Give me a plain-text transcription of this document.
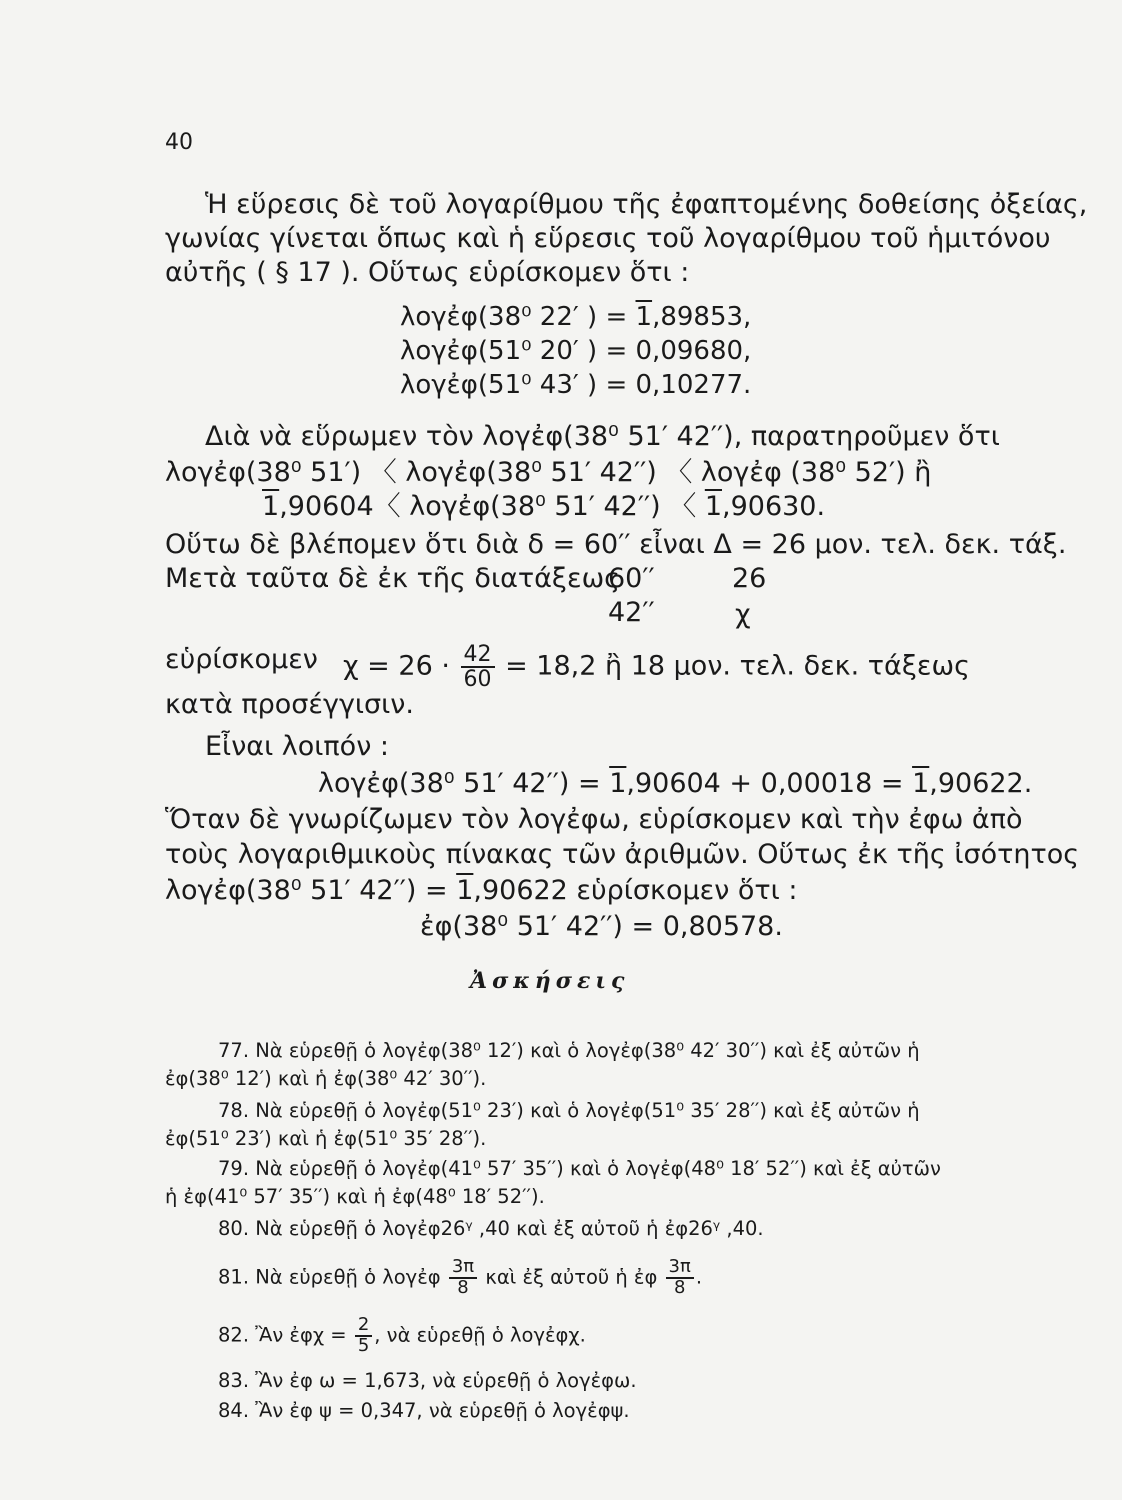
40
Ἡ εὕρεσις δὲ τοῦ λογαρίθμου τῆς ἐφαπτομένης δοθείσης ὀξείας,
γωνίας γίνεται ὅπως καὶ ἡ εὕρεσις τοῦ λογαρίθμου τοῦ ἡμιτόνου
αὐτῆς ( § 17 ). Οὕτως εὑρίσκομεν ὅτι :
λογἐφ(38⁰ 22′ ) = 1,89853,
λογἐφ(51⁰ 20′ ) = 0,09680,
λογἐφ(51⁰ 43′ ) = 0,10277.
Διὰ νὰ εὕρωμεν τὸν λογἐφ(38⁰ 51′ 42′′), παρατηροῦμεν ὅτι
λογἐφ(38⁰ 51′) 〈 λογἐφ(38⁰ 51′ 42′′) 〈 λογἐφ (38⁰ 52′) ἢ
1,90604〈 λογἐφ(38⁰ 51′ 42′′) 〈 1,90630.
Οὕτω δὲ βλέπομεν ὅτι διὰ δ = 60′′ εἶναι Δ = 26 μον. τελ. δεκ. τάξ.
Μετὰ ταῦτα δὲ ἐκ τῆς διατάξεως
60′′	26
42′′	χ
εὑρίσκομεν $\chi = 26 \cdot \frac{42}{60} = 18,2$ ἢ 18 μον. τελ. δεκ. τάξεως
κατὰ προσέγγισιν.
Εἶναι λοιπόν :
λογἐφ(38⁰ 51′ 42′′) = 1,90604 + 0,00018 = 1,90622.
Ὅταν δὲ γνωρίζωμεν τὸν λογἐφω, εὑρίσκομεν καὶ τὴν ἐφω ἀπὸ
τοὺς λογαριθμικοὺς πίνακας τῶν ἀριθμῶν. Οὕτως ἐκ τῆς ἰσότητος
λογἐφ(38⁰ 51′ 42′′) = 1,90622 εὑρίσκομεν ὅτι :
ἐφ(38⁰ 51′ 42′′) = 0,80578.
Ἀσκήσεις
77. Νὰ εὑρεθῇ ὁ λογἐφ(38⁰ 12′) καὶ ὁ λογἐφ(38⁰ 42′ 30′′) καὶ ἐξ αὐτῶν ἡ
ἐφ(38⁰ 12′) καὶ ἡ ἐφ(38⁰ 42′ 30′′).
78. Νὰ εὑρεθῇ ὁ λογἐφ(51⁰ 23′) καὶ ὁ λογἐφ(51⁰ 35′ 28′′) καὶ ἐξ αὐτῶν ἡ
ἐφ(51⁰ 23′) καὶ ἡ ἐφ(51⁰ 35′ 28′′).
79. Νὰ εὑρεθῇ ὁ λογἐφ(41⁰ 57′ 35′′) καὶ ὁ λογἐφ(48⁰ 18′ 52′′) καὶ ἐξ αὐτῶν
ἡ ἐφ(41⁰ 57′ 35′′) καὶ ἡ ἐφ(48⁰ 18′ 52′′).
80. Νὰ εὑρεθῇ ὁ λογἐφ26ᵞ ,40 καὶ ἐξ αὐτοῦ ἡ ἐφ26ᵞ ,40.
81. Νὰ εὑρεθῇ ὁ λογἐφ $\frac{3\pi}{8}$ καὶ ἐξ αὐτοῦ ἡ ἐφ $\frac{3\pi}{8}$ .
82. Ἂν ἐφχ = $\frac{2}{5}$ , νὰ εὑρεθῇ ὁ λογἐφχ.
83. Ἂν ἐφ ω = 1,673, νὰ εὑρεθῇ ὁ λογἐφω.
84. Ἂν ἐφ ψ = 0,347, νὰ εὑρεθῇ ὁ λογἐφψ.
